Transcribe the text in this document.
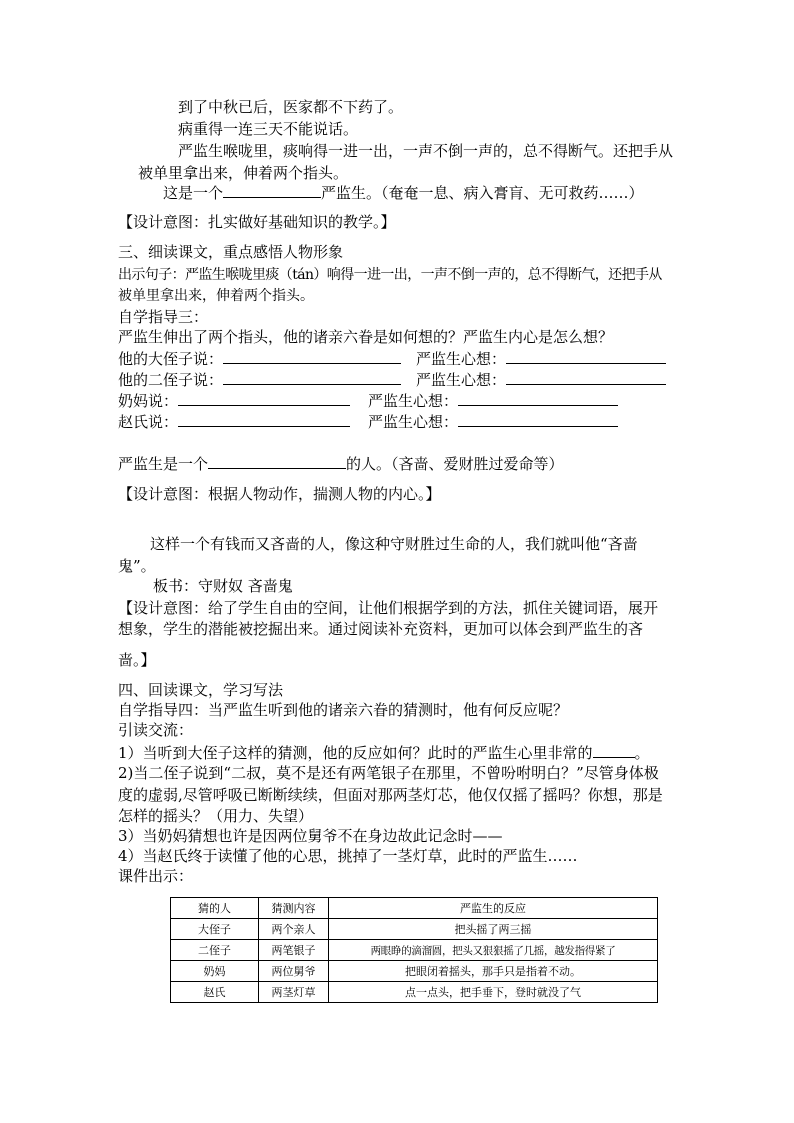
到了中秋已后，医家都不下药了。
病重得一连三天不能说话。
严监生喉咙里，痰响得一进一出，一声不倒一声的，总不得断气。还把手从
被单里拿出来，伸着两个指头。
这是一个	严监生。（奄奄一息、病入膏肓、无可救药……）
【设计意图：扎实做好基础知识的教学。】
三、细读课文，重点感悟人物形象
出示句子：严监生喉咙里痰（tán）响得一进一出，一声不倒一声的，总不得断气，还把手从
被单里拿出来，伸着两个指头。
自学指导三：
严监生伸出了两个指头，他的诸亲六眷是如何想的？严监生内心是怎么想？
他的大侄子说：	严监生心想：
他的二侄子说：	严监生心想：
奶妈说：	严监生心想：
赵氏说：	严监生心想：
严监生是一个	的人。（吝啬、爱财胜过爱命等）
【设计意图：根据人物动作，揣测人物的内心。】
这样一个有钱而又吝啬的人，像这种守财胜过生命的人，我们就叫他“吝啬
鬼”。
板书：守财奴 吝啬鬼
【设计意图：给了学生自由的空间，让他们根据学到的方法，抓住关键词语，展开
想象，学生的潜能被挖掘出来。通过阅读补充资料，更加可以体会到严监生的吝
啬。】
四、回读课文，学习写法
自学指导四：当严监生听到他的诸亲六眷的猜测时，他有何反应呢？
引读交流：
1）当听到大侄子这样的猜测，他的反应如何？此时的严监生心里非常的	。
2)当二侄子说到“二叔，莫不是还有两笔银子在那里，不曾吩咐明白？”尽管身体极
度的虚弱,尽管呼吸已断断续续，但面对那两茎灯芯，他仅仅摇了摇吗？你想，那是
怎样的摇头？（用力、失望）
3）当奶妈猜想也许是因两位舅爷不在身边故此记念时——
4）当赵氏终于读懂了他的心思，挑掉了一茎灯草，此时的严监生……
课件出示：
猜的人	猜测内容	严监生的反应
大侄子	两个亲人	把头摇了两三摇
二侄子	两笔银子	两眼睁的滴溜圆，把头又狠狠摇了几摇，越发指得紧了
奶妈	两位舅爷	把眼闭着摇头，那手只是指着不动。
赵氏	两茎灯草	点一点头，把手垂下，登时就没了气
